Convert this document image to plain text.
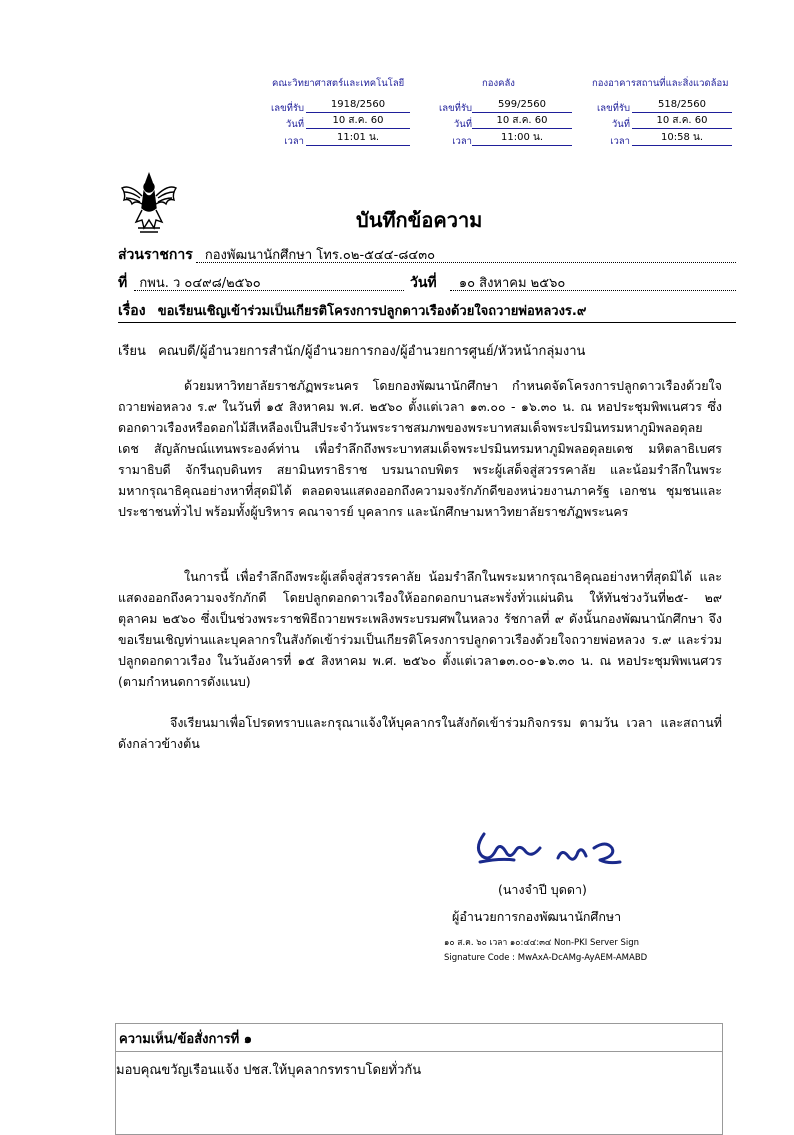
คณะวิทยาศาสตร์และเทคโนโลยี
เลขที่รับ	1918/2560
วันที่	10 ส.ค. 60
เวลา	11:01 น.
กองคลัง
เลขที่รับ	599/2560
วันที่	10 ส.ค. 60
เวลา	11:00 น.
กองอาคารสถานที่และสิ่งแวดล้อม
เลขที่รับ	518/2560
วันที่	10 ส.ค. 60
เวลา	10:58 น.
บันทึกข้อความ
ส่วนราชการ กองพัฒนานักศึกษา โทร.๐๒-๕๔๔-๘๔๓๐
ที่ กพน. ว ๐๔๙๘/๒๕๖๐	วันที่ ๑๐ สิงหาคม ๒๕๖๐
เรื่อง ขอเรียนเชิญเข้าร่วมเป็นเกียรติโครงการปลูกดาวเรืองด้วยใจถวายพ่อหลวงร.๙
เรียน คณบดี/ผู้อำนวยการสำนัก/ผู้อำนวยการกอง/ผู้อำนวยการศูนย์/หัวหน้ากลุ่มงาน

ด้วยมหาวิทยาลัยราชภัฏพระนคร โดยกองพัฒนานักศึกษา กำหนดจัดโครงการปลูกดาวเรืองด้วยใจถวายพ่อหลวง ร.๙ ในวันที่ ๑๕ สิงหาคม พ.ศ. ๒๕๖๐ ตั้งแต่เวลา ๑๓.๐๐ - ๑๖.๓๐ น. ณ หอประชุมพิพเนศวร ซึ่งดอกดาวเรืองหรือดอกไม้สีเหลืองเป็นสีประจำวันพระราชสมภพของพระบาทสมเด็จพระปรมินทรมหาภูมิพลอดุลยเดช สัญลักษณ์แทนพระองค์ท่าน เพื่อรำลึกถึงพระบาทสมเด็จพระปรมินทรมหาภูมิพลอดุลยเดช มหิตลาธิเบศรรามาธิบดี จักรีนฤบดินทร สยามินทราธิราช บรมนาถบพิตร พระผู้เสด็จสู่สวรรคาลัย และน้อมรำลึกในพระมหากรุณาธิคุณอย่างหาที่สุดมิได้ ตลอดจนแสดงออกถึงความจงรักภักดีของหน่วยงานภาครัฐ เอกชน ชุมชนและประชาชนทั่วไป พร้อมทั้งผู้บริหาร คณาจารย์ บุคลากร และนักศึกษามหาวิทยาลัยราชภัฏพระนคร

ในการนี้ เพื่อรำลึกถึงพระผู้เสด็จสู่สวรรคาลัย น้อมรำลึกในพระมหากรุณาธิคุณอย่างหาที่สุดมิได้ และแสดงออกถึงความจงรักภักดี โดยปลูกดอกดาวเรืองให้ออกดอกบานสะพรั่งทั่วแผ่นดิน ให้ทันช่วงวันที่๒๕- ๒๙ ตุลาคม ๒๕๖๐ ซึ่งเป็นช่วงพระราชพิธีถวายพระเพลิงพระบรมศพในหลวง รัชกาลที่ ๙ ดังนั้นกองพัฒนานักศึกษา จึงขอเรียนเชิญท่านและบุคลากรในสังกัดเข้าร่วมเป็นเกียรติโครงการปลูกดาวเรืองด้วยใจถวายพ่อหลวง ร.๙ และร่วมปลูกดอกดาวเรือง ในวันอังคารที่ ๑๕ สิงหาคม พ.ศ. ๒๕๖๐ ตั้งแต่เวลา๑๓.๐๐-๑๖.๓๐ น. ณ หอประชุมพิพเนศวร (ตามกำหนดการดังแนบ)

จึงเรียนมาเพื่อโปรดทราบและกรุณาแจ้งให้บุคลากรในสังกัดเข้าร่วมกิจกรรม ตามวัน เวลา และสถานที่ดังกล่าวข้างต้น

(นางจำปี บุดดา)
ผู้อำนวยการกองพัฒนานักศึกษา
๑๐ ส.ค. ๖๐ เวลา ๑๐:๔๔:๓๔ Non-PKI Server Sign
Signature Code : MwAxA-DcAMg-AyAEM-AMABD
ความเห็น/ข้อสั่งการที่ ๑
มอบคุณขวัญเรือนแจ้ง ปชส.ให้บุคลากรทราบโดยทั่วกัน
